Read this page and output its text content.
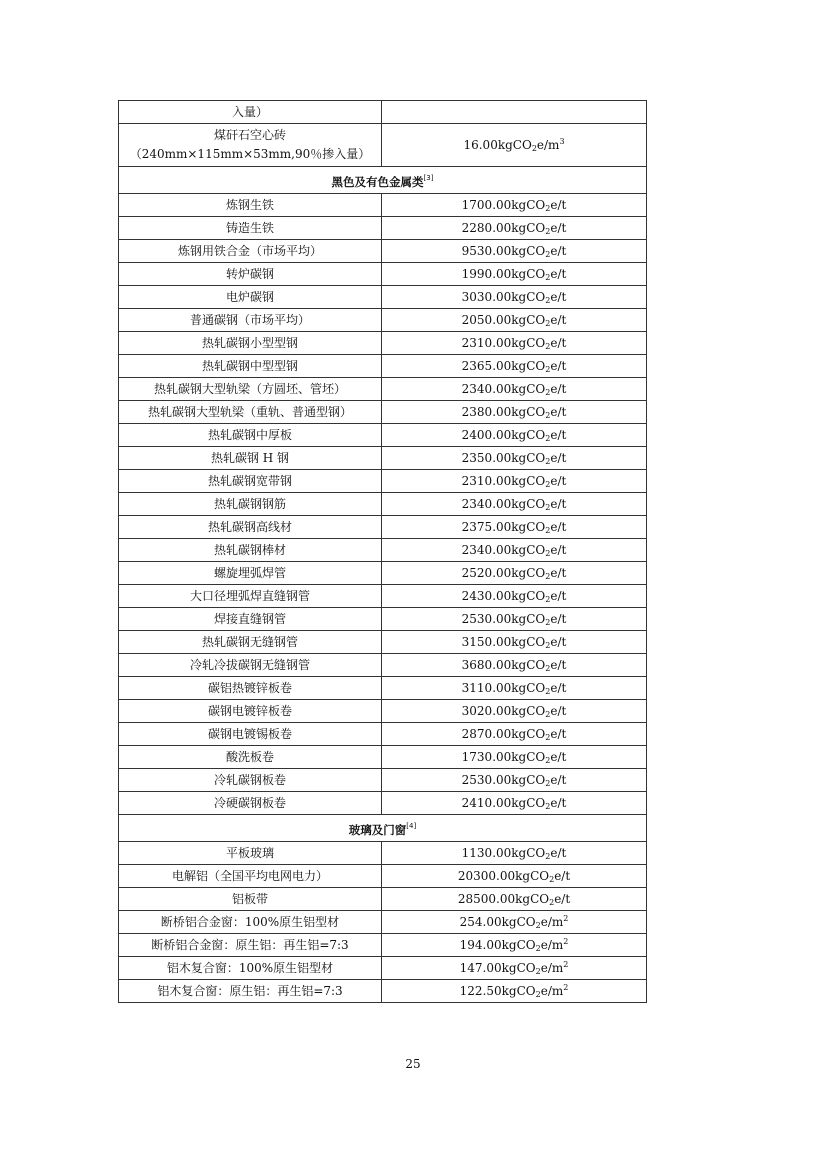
入量）	
煤矸石空心砖（240mm×115mm×53mm,90％掺入量）	$16.00kgCO_2e/m^3$
黑色及有色金属类[3]
炼钢生铁	1700.00kgCO$_2$e/t
铸造生铁	2280.00kgCO$_2$e/t
炼钢用铁合金（市场平均）	9530.00kgCO$_2$e/t
转炉碳钢	1990.00kgCO$_2$e/t
电炉碳钢	3030.00kgCO$_2$e/t
普通碳钢（市场平均）	2050.00kgCO$_2$e/t
热轧碳钢小型型钢	2310.00kgCO$_2$e/t
热轧碳钢中型型钢	2365.00kgCO$_2$e/t
热轧碳钢大型轨梁（方圆坯、管坯）	2340.00kgCO$_2$e/t
热轧碳钢大型轨梁（重轨、普通型钢）	2380.00kgCO$_2$e/t
热轧碳钢中厚板	2400.00kgCO$_2$e/t
热轧碳钢 H 钢	2350.00kgCO$_2$e/t
热轧碳钢宽带钢	2310.00kgCO$_2$e/t
热轧碳钢钢筋	2340.00kgCO$_2$e/t
热轧碳钢高线材	2375.00kgCO$_2$e/t
热轧碳钢棒材	2340.00kgCO$_2$e/t
螺旋埋弧焊管	2520.00kgCO$_2$e/t
大口径埋弧焊直缝钢管	2430.00kgCO$_2$e/t
焊接直缝钢管	2530.00kgCO$_2$e/t
热轧碳钢无缝钢管	3150.00kgCO$_2$e/t
冷轧冷拔碳钢无缝钢管	3680.00kgCO$_2$e/t
碳铝热镀锌板卷	3110.00kgCO$_2$e/t
碳钢电镀锌板卷	3020.00kgCO$_2$e/t
碳钢电镀锡板卷	2870.00kgCO$_2$e/t
酸洗板卷	1730.00kgCO$_2$e/t
冷轧碳钢板卷	2530.00kgCO$_2$e/t
冷硬碳钢板卷	2410.00kgCO$_2$e/t
玻璃及门窗[4]
平板玻璃	1130.00kgCO$_2$e/t
电解铝（全国平均电网电力）	20300.00kgCO$_2$e/t
铝板带	28500.00kgCO$_2$e/t
断桥铝合金窗：100%原生铝型材	$254.00kgCO_2e/m^2$
断桥铝合金窗：原生铝：再生铝=7:3	$194.00kgCO_2e/m^2$
铝木复合窗：100%原生铝型材	$147.00kgCO_2e/m^2$
铝木复合窗：原生铝：再生铝=7:3	$122.50kgCO_2e/m^2$
25
